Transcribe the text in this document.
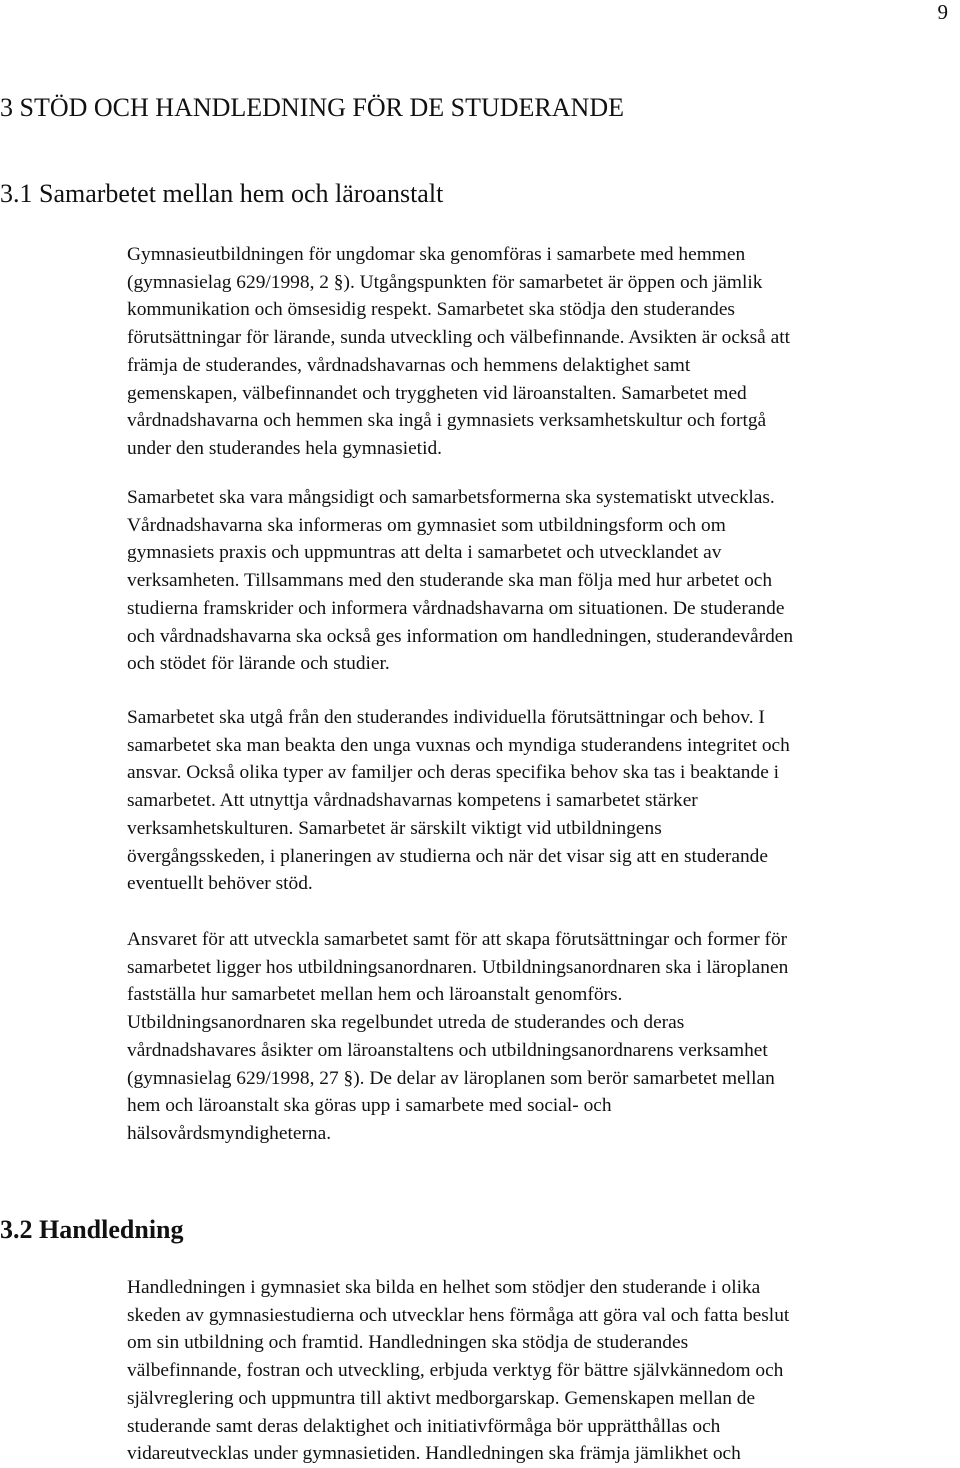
9
3 STÖD OCH HANDLEDNING FÖR DE STUDERANDE
3.1 Samarbetet mellan hem och läroanstalt

Gymnasieutbildningen för ungdomar ska genomföras i samarbete med hemmen
(gymnasielag 629/1998, 2 §). Utgångspunkten för samarbetet är öppen och jämlik
kommunikation och ömsesidig respekt. Samarbetet ska stödja den studerandes
förutsättningar för lärande, sunda utveckling och välbefinnande. Avsikten är också att
främja de studerandes, vårdnadshavarnas och hemmens delaktighet samt
gemenskapen, välbefinnandet och tryggheten vid läroanstalten. Samarbetet med
vårdnadshavarna och hemmen ska ingå i gymnasiets verksamhetskultur och fortgå
under den studerandes hela gymnasietid.

Samarbetet ska vara mångsidigt och samarbetsformerna ska systematiskt utvecklas.
Vårdnadshavarna ska informeras om gymnasiet som utbildningsform och om
gymnasiets praxis och uppmuntras att delta i samarbetet och utvecklandet av
verksamheten. Tillsammans med den studerande ska man följa med hur arbetet och
studierna framskrider och informera vårdnadshavarna om situationen. De studerande
och vårdnadshavarna ska också ges information om handledningen, studerandevården
och stödet för lärande och studier.

Samarbetet ska utgå från den studerandes individuella förutsättningar och behov. I
samarbetet ska man beakta den unga vuxnas och myndiga studerandens integritet och
ansvar. Också olika typer av familjer och deras specifika behov ska tas i beaktande i
samarbetet. Att utnyttja vårdnadshavarnas kompetens i samarbetet stärker
verksamhetskulturen. Samarbetet är särskilt viktigt vid utbildningens
övergångsskeden, i planeringen av studierna och när det visar sig att en studerande
eventuellt behöver stöd.

Ansvaret för att utveckla samarbetet samt för att skapa förutsättningar och former för
samarbetet ligger hos utbildningsanordnaren. Utbildningsanordnaren ska i läroplanen
fastställa hur samarbetet mellan hem och läroanstalt genomförs.
Utbildningsanordnaren ska regelbundet utreda de studerandes och deras
vårdnadshavares åsikter om läroanstaltens och utbildningsanordnarens verksamhet
(gymnasielag 629/1998, 27 §). De delar av läroplanen som berör samarbetet mellan
hem och läroanstalt ska göras upp i samarbete med social- och
hälsovårdsmyndigheterna.

3.2 Handledning

Handledningen i gymnasiet ska bilda en helhet som stödjer den studerande i olika
skeden av gymnasiestudierna och utvecklar hens förmåga att göra val och fatta beslut
om sin utbildning och framtid. Handledningen ska stödja de studerandes
välbefinnande, fostran och utveckling, erbjuda verktyg för bättre självkännedom och
självreglering och uppmuntra till aktivt medborgarskap. Gemenskapen mellan de
studerande samt deras delaktighet och initiativförmåga bör upprätthållas och
vidareutvecklas under gymnasietiden. Handledningen ska främja jämlikhet och
